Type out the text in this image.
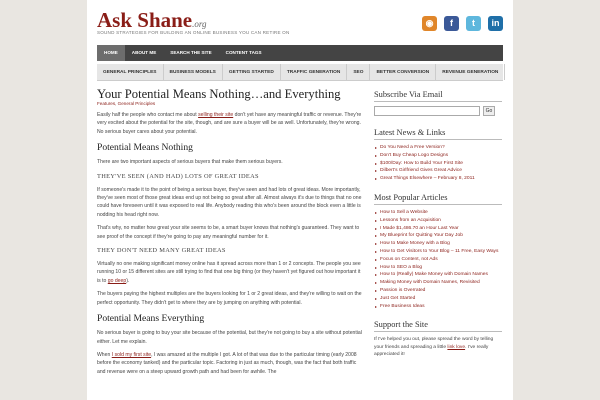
Ask Shane.org
SOUND STRATEGIES FOR BUILDING AN ONLINE BUSINESS YOU CAN RETIRE ON
◉	f	t	in
HOME	ABOUT ME	SEARCH THE SITE	CONTENT TAGS
GENERAL PRINCIPLES	BUSINESS MODELS	GETTING STARTED	TRAFFIC GENERATION	SEO	BETTER CONVERSION	REVENUE GENERATION
Your Potential Means Nothing…and Everything
Features, General Principles

Easily half the people who contact me about selling their site don't yet have any meaningful traffic or revenue. They're very excited about the potential for the site, though, and are sure a buyer will be as well. Unfortunately, they're wrong. No serious buyer cares about your potential.

Potential Means Nothing

There are two important aspects of serious buyers that make them serious buyers.

THEY'VE SEEN (AND HAD) LOTS OF GREAT IDEAS

If someone's made it to the point of being a serious buyer, they've seen and had lots of great ideas. More importantly, they've seen most of those great ideas end up not being so great after all. Almost always it's due to things that no one could have foreseen until it was exposed to real life. Anybody reading this who's been around the block even a little is nodding his head right now.

That's why, no matter how great your site seems to be, a smart buyer knows that nothing's guaranteed. They want to see proof of the concept if they're going to pay any meaningful number for it.

THEY DON'T NEED MANY GREAT IDEAS

Virtually no one making significant money online has it spread across more than 1 or 2 concepts. The people you see running 10 or 15 different sites are still trying to find that one big thing (or they haven't yet figured out how important it is to go deep).

The buyers paying the highest multiples are the buyers looking for 1 or 2 great ideas, and they're willing to wait on the perfect opportunity. They didn't get to where they are by jumping on anything with potential.

Potential Means Everything

No serious buyer is going to buy your site because of the potential, but they're not going to buy a site without potential either. Let me explain.

When I sold my first site, I was amazed at the multiple I got. A lot of that was due to the particular timing (early 2008 before the economy tanked) and the particular topic. Factoring in just as much, though, was the fact that both traffic and revenue were on a steep upward growth path and had been for awhile. The

Subscribe Via Email
Go
Latest News & Links
Do You Need a Free Version?
Don't Buy Cheap Logo Designs
$100/Day: How to Build Your First Site
Dilbert's Girlfriend Gives Great Advice
Great Things Elsewhere – February 8, 2011
Most Popular Articles
How to Sell a Website
Lessons from an Acquisition
I Made $1,486.70 an Hour Last Year
My Blueprint for Quitting Your Day Job
How to Make Money with a Blog
How to Get Visitors to Your Blog – 11 Free, Easy Ways
Focus on Content, not Ads
How to SEO a Blog
How to (Really) Make Money with Domain Names
Making Money with Domain Names, Revisited
Passion is Overrated
Just Get Started
Free Business Ideas
Support the Site
If I've helped you out, please spread the word by telling your friends and spreading a little link love. I've really appreciated it!
